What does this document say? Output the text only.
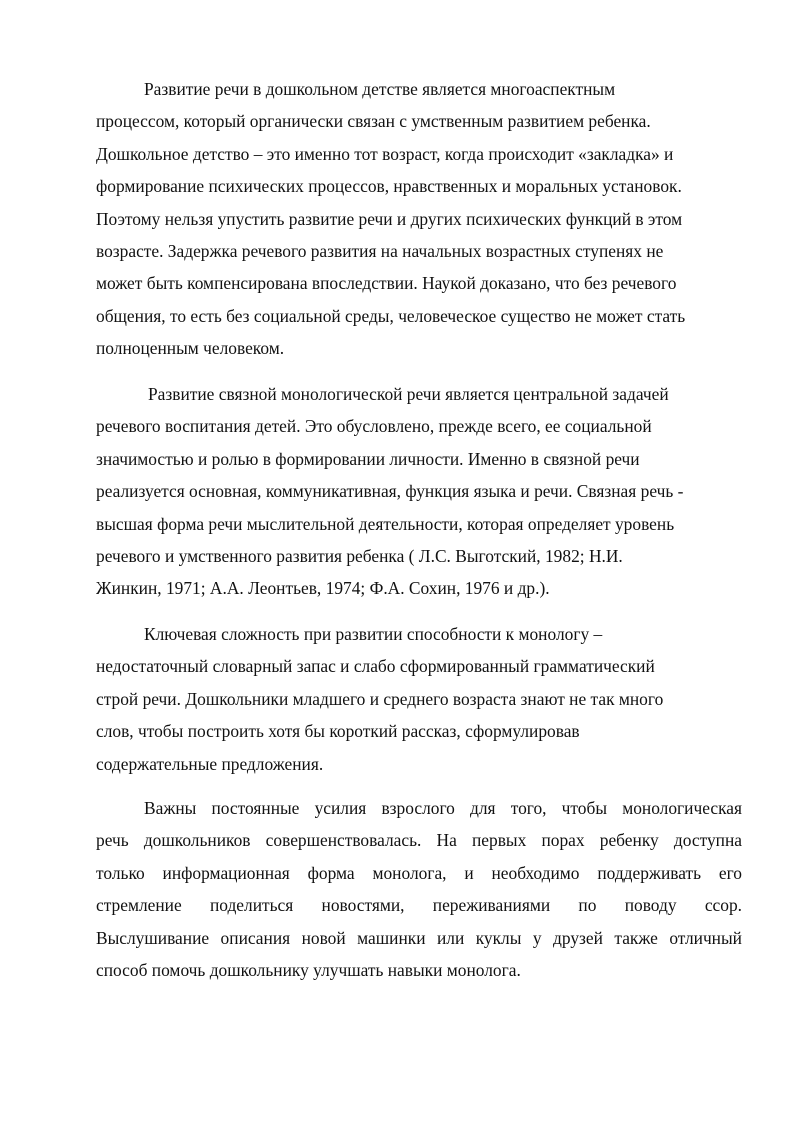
Развитие речи в дошкольном детстве является многоаспектным
процессом, который органически связан с умственным развитием ребенка.
Дошкольное детство – это именно тот возраст, когда происходит «закладка» и
формирование психических процессов, нравственных и моральных установок.
Поэтому нельзя упустить развитие речи и других психических функций в этом
возрасте. Задержка речевого развития на начальных возрастных ступенях не
может быть компенсирована впоследствии. Наукой доказано, что без речевого
общения, то есть без социальной среды, человеческое существо не может стать
полноценным человеком.
Развитие связной монологической речи является центральной задачей
речевого воспитания детей. Это обусловлено, прежде всего, ее социальной
значимостью и ролью в формировании личности. Именно в связной речи
реализуется основная, коммуникативная, функция языка и речи. Связная речь -
высшая форма речи мыслительной деятельности, которая определяет уровень
речевого и умственного развития ребенка ( Л.С. Выготский, 1982; Н.И.
Жинкин, 1971; А.А. Леонтьев, 1974; Ф.А. Сохин, 1976 и др.).
Ключевая сложность при развитии способности к монологу –
недостаточный словарный запас и слабо сформированный грамматический
строй речи. Дошкольники младшего и среднего возраста знают не так много
слов, чтобы построить хотя бы короткий рассказ, сформулировав
содержательные предложения.
Важны постоянные усилия взрослого для того, чтобы монологическая
речь дошкольников совершенствовалась. На первых порах ребенку доступна
только информационная форма монолога, и необходимо поддерживать его
стремление поделиться новостями, переживаниями по поводу ссор.
Выслушивание описания новой машинки или куклы у друзей также отличный
способ помочь дошкольнику улучшать навыки монолога.
